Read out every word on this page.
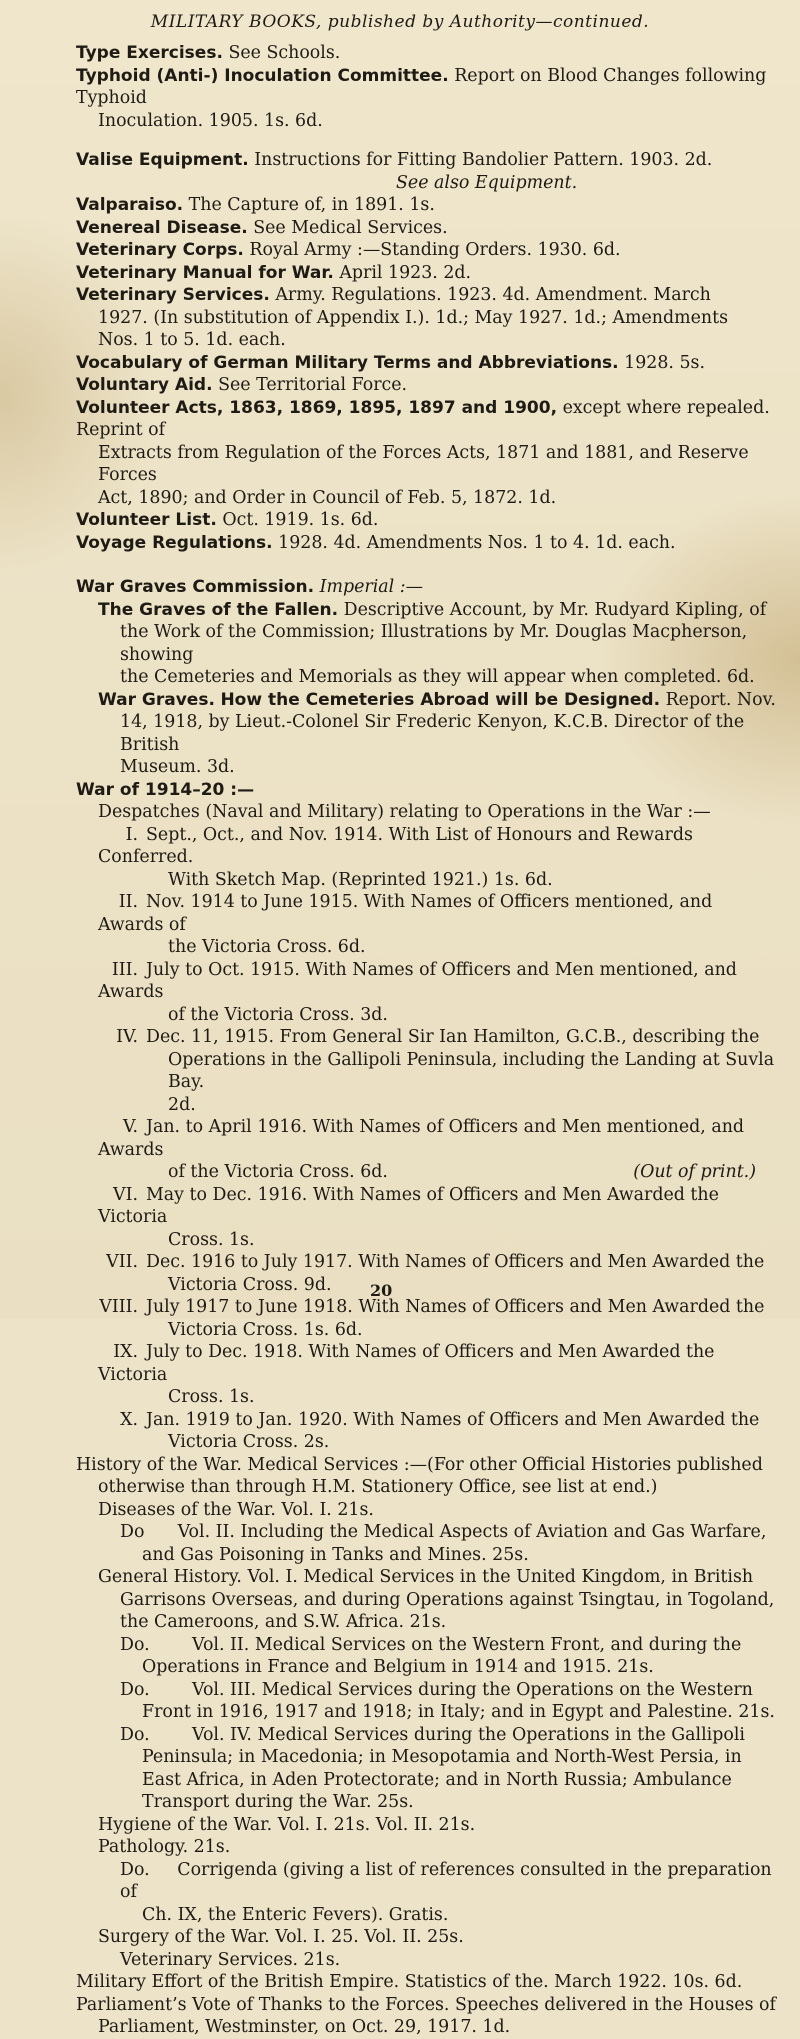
MILITARY BOOKS, published by Authority—continued.

Type Exercises. See Schools.

Typhoid (Anti-) Inoculation Committee. Report on Blood Changes following Typhoid

Inoculation. 1905. 1s. 6d.

Valise Equipment. Instructions for Fitting Bandolier Pattern. 1903. 2d.

See also Equipment.

Valparaiso. The Capture of, in 1891. 1s.

Venereal Disease. See Medical Services.

Veterinary Corps. Royal Army :—Standing Orders. 1930. 6d.

Veterinary Manual for War. April 1923. 2d.

Veterinary Services. Army. Regulations. 1923. 4d. Amendment. March

1927. (In substitution of Appendix I.). 1d.; May 1927. 1d.; Amendments

Nos. 1 to 5. 1d. each.

Vocabulary of German Military Terms and Abbreviations. 1928. 5s.

Voluntary Aid. See Territorial Force.

Volunteer Acts, 1863, 1869, 1895, 1897 and 1900, except where repealed. Reprint of

Extracts from Regulation of the Forces Acts, 1871 and 1881, and Reserve Forces

Act, 1890; and Order in Council of Feb. 5, 1872. 1d.

Volunteer List. Oct. 1919. 1s. 6d.

Voyage Regulations. 1928. 4d. Amendments Nos. 1 to 4. 1d. each.

War Graves Commission. Imperial :—

The Graves of the Fallen. Descriptive Account, by Mr. Rudyard Kipling, of

the Work of the Commission; Illustrations by Mr. Douglas Macpherson, showing

the Cemeteries and Memorials as they will appear when completed. 6d.

War Graves. How the Cemeteries Abroad will be Designed. Report. Nov.

14, 1918, by Lieut.-Colonel Sir Frederic Kenyon, K.C.B. Director of the British

Museum. 3d.

War of 1914–20 :—

Despatches (Naval and Military) relating to Operations in the War :—

I. Sept., Oct., and Nov. 1914. With List of Honours and Rewards Conferred.

With Sketch Map. (Reprinted 1921.) 1s. 6d.

II. Nov. 1914 to June 1915. With Names of Officers mentioned, and Awards of

the Victoria Cross. 6d.

III. July to Oct. 1915. With Names of Officers and Men mentioned, and Awards

of the Victoria Cross. 3d.

IV. Dec. 11, 1915. From General Sir Ian Hamilton, G.C.B., describing the

Operations in the Gallipoli Peninsula, including the Landing at Suvla Bay.

2d.

V. Jan. to April 1916. With Names of Officers and Men mentioned, and Awards

of the Victoria Cross. 6d.	(Out of print.)

VI. May to Dec. 1916. With Names of Officers and Men Awarded the Victoria

Cross. 1s.

VII. Dec. 1916 to July 1917. With Names of Officers and Men Awarded the

Victoria Cross. 9d.

VIII. July 1917 to June 1918. With Names of Officers and Men Awarded the

Victoria Cross. 1s. 6d.

IX. July to Dec. 1918. With Names of Officers and Men Awarded the Victoria

Cross. 1s.

X. Jan. 1919 to Jan. 1920. With Names of Officers and Men Awarded the

Victoria Cross. 2s.

History of the War. Medical Services :—(For other Official Histories published

otherwise than through H.M. Stationery Office, see list at end.)

Diseases of the War. Vol. I. 21s.

Do Vol. II. Including the Medical Aspects of Aviation and Gas Warfare,

and Gas Poisoning in Tanks and Mines. 25s.

General History. Vol. I. Medical Services in the United Kingdom, in British

Garrisons Overseas, and during Operations against Tsingtau, in Togoland,

the Cameroons, and S.W. Africa. 21s.

Do. Vol. II. Medical Services on the Western Front, and during the

Operations in France and Belgium in 1914 and 1915. 21s.

Do. Vol. III. Medical Services during the Operations on the Western

Front in 1916, 1917 and 1918; in Italy; and in Egypt and Palestine. 21s.

Do. Vol. IV. Medical Services during the Operations in the Gallipoli

Peninsula; in Macedonia; in Mesopotamia and North-West Persia, in

East Africa, in Aden Protectorate; and in North Russia; Ambulance

Transport during the War. 25s.

Hygiene of the War. Vol. I. 21s. Vol. II. 21s.

Pathology. 21s.

Do. Corrigenda (giving a list of references consulted in the preparation of

Ch. IX, the Enteric Fevers). Gratis.

Surgery of the War. Vol. I. 25. Vol. II. 25s.

Veterinary Services. 21s.

Military Effort of the British Empire. Statistics of the. March 1922. 10s. 6d.

Parliament’s Vote of Thanks to the Forces. Speeches delivered in the Houses of

Parliament, Westminster, on Oct. 29, 1917. 1d.

20
